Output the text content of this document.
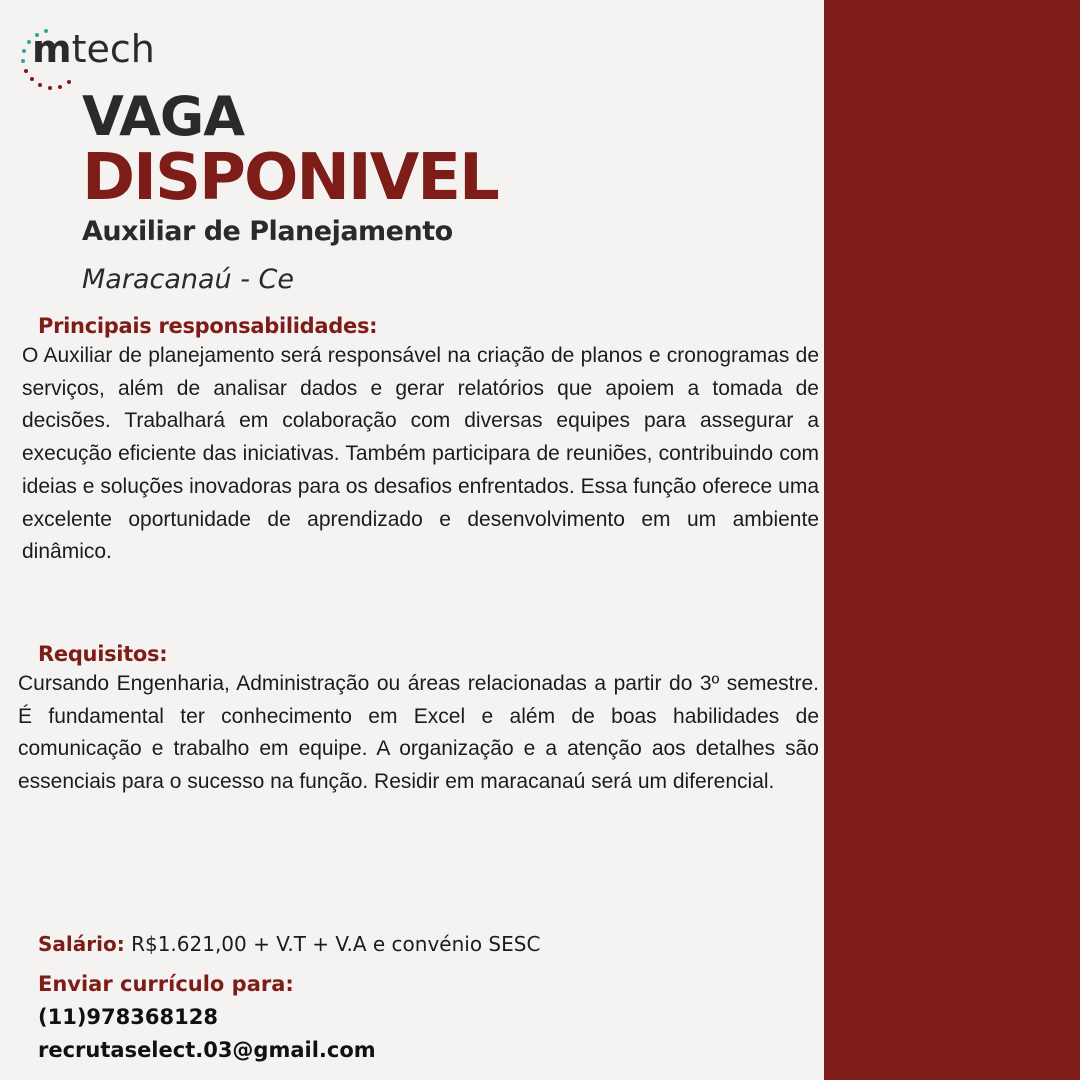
mtech
VAGA
DISPONIVEL
Auxiliar de Planejamento
Maracanaú - Ce
Principais responsabilidades:
O Auxiliar de planejamento será responsável na criação de planos e cronogramas de serviços, além de analisar dados e gerar relatórios que apoiem a tomada de decisões. Trabalhará em colaboração com diversas equipes para assegurar a execução eficiente das iniciativas. Também participara de reuniões, contribuindo com ideias e soluções inovadoras para os desafios enfrentados. Essa função oferece uma excelente oportunidade de aprendizado e desenvolvimento em um ambiente dinâmico.
Requisitos:
Cursando Engenharia, Administração ou áreas relacionadas a partir do 3º semestre. É fundamental ter conhecimento em Excel e além de boas habilidades de comunicação e trabalho em equipe. A organização e a atenção aos detalhes são essenciais para o sucesso na função. Residir em maracanaú será um diferencial.
Salário: R$1.621,00 + V.T + V.A e convénio SESC
Enviar currículo para:
(11)978368128
recrutaselect.03@gmail.com
